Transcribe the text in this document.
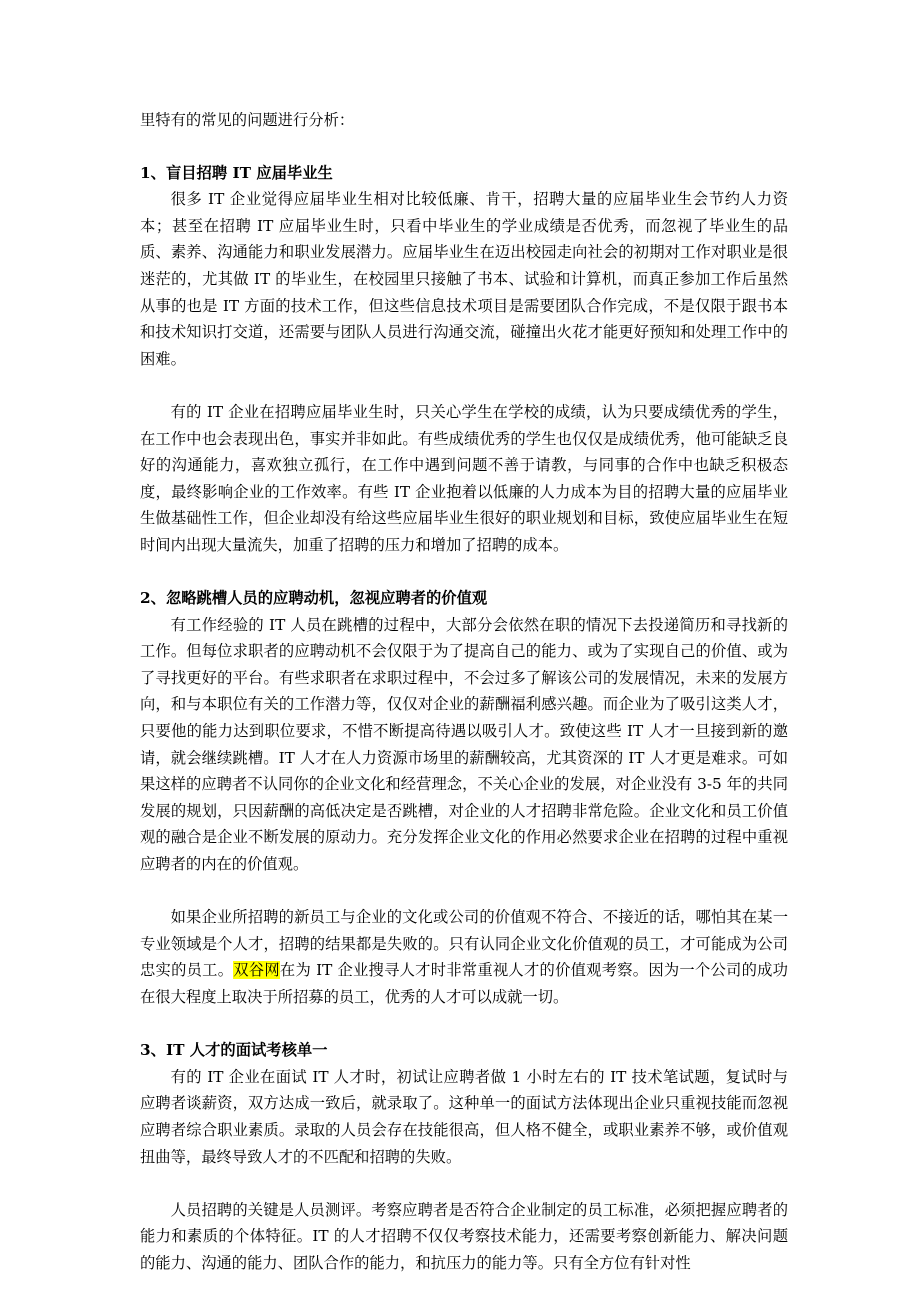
里特有的常见的问题进行分析：

1、盲目招聘 IT 应届毕业生

很多 IT 企业觉得应届毕业生相对比较低廉、肯干，招聘大量的应届毕业生会节约人力资本；甚至在招聘 IT 应届毕业生时，只看中毕业生的学业成绩是否优秀，而忽视了毕业生的品质、素养、沟通能力和职业发展潜力。应届毕业生在迈出校园走向社会的初期对工作对职业是很迷茫的，尤其做 IT 的毕业生，在校园里只接触了书本、试验和计算机，而真正参加工作后虽然从事的也是 IT 方面的技术工作，但这些信息技术项目是需要团队合作完成，不是仅限于跟书本和技术知识打交道，还需要与团队人员进行沟通交流，碰撞出火花才能更好预知和处理工作中的困难。

有的 IT 企业在招聘应届毕业生时，只关心学生在学校的成绩，认为只要成绩优秀的学生，在工作中也会表现出色，事实并非如此。有些成绩优秀的学生也仅仅是成绩优秀，他可能缺乏良好的沟通能力，喜欢独立孤行，在工作中遇到问题不善于请教，与同事的合作中也缺乏积极态度，最终影响企业的工作效率。有些 IT 企业抱着以低廉的人力成本为目的招聘大量的应届毕业生做基础性工作，但企业却没有给这些应届毕业生很好的职业规划和目标，致使应届毕业生在短时间内出现大量流失，加重了招聘的压力和增加了招聘的成本。

2、忽略跳槽人员的应聘动机，忽视应聘者的价值观

有工作经验的 IT 人员在跳槽的过程中，大部分会依然在职的情况下去投递简历和寻找新的工作。但每位求职者的应聘动机不会仅限于为了提高自己的能力、或为了实现自己的价值、或为了寻找更好的平台。有些求职者在求职过程中，不会过多了解该公司的发展情况，未来的发展方向，和与本职位有关的工作潜力等，仅仅对企业的薪酬福利感兴趣。而企业为了吸引这类人才，只要他的能力达到职位要求，不惜不断提高待遇以吸引人才。致使这些 IT 人才一旦接到新的邀请，就会继续跳槽。IT 人才在人力资源市场里的薪酬较高，尤其资深的 IT 人才更是难求。可如果这样的应聘者不认同你的企业文化和经营理念，不关心企业的发展，对企业没有 3-5 年的共同发展的规划，只因薪酬的高低决定是否跳槽，对企业的人才招聘非常危险。企业文化和员工价值观的融合是企业不断发展的原动力。充分发挥企业文化的作用必然要求企业在招聘的过程中重视应聘者的内在的价值观。

如果企业所招聘的新员工与企业的文化或公司的价值观不符合、不接近的话，哪怕其在某一专业领域是个人才，招聘的结果都是失败的。只有认同企业文化价值观的员工，才可能成为公司忠实的员工。双谷网在为 IT 企业搜寻人才时非常重视人才的价值观考察。因为一个公司的成功在很大程度上取决于所招募的员工，优秀的人才可以成就一切。

3、IT 人才的面试考核单一

有的 IT 企业在面试 IT 人才时，初试让应聘者做 1 小时左右的 IT 技术笔试题，复试时与应聘者谈薪资，双方达成一致后，就录取了。这种单一的面试方法体现出企业只重视技能而忽视应聘者综合职业素质。录取的人员会存在技能很高，但人格不健全，或职业素养不够，或价值观扭曲等，最终导致人才的不匹配和招聘的失败。

人员招聘的关键是人员测评。考察应聘者是否符合企业制定的员工标准，必须把握应聘者的能力和素质的个体特征。IT 的人才招聘不仅仅考察技术能力，还需要考察创新能力、解决问题的能力、沟通的能力、团队合作的能力，和抗压力的能力等。只有全方位有针对性
